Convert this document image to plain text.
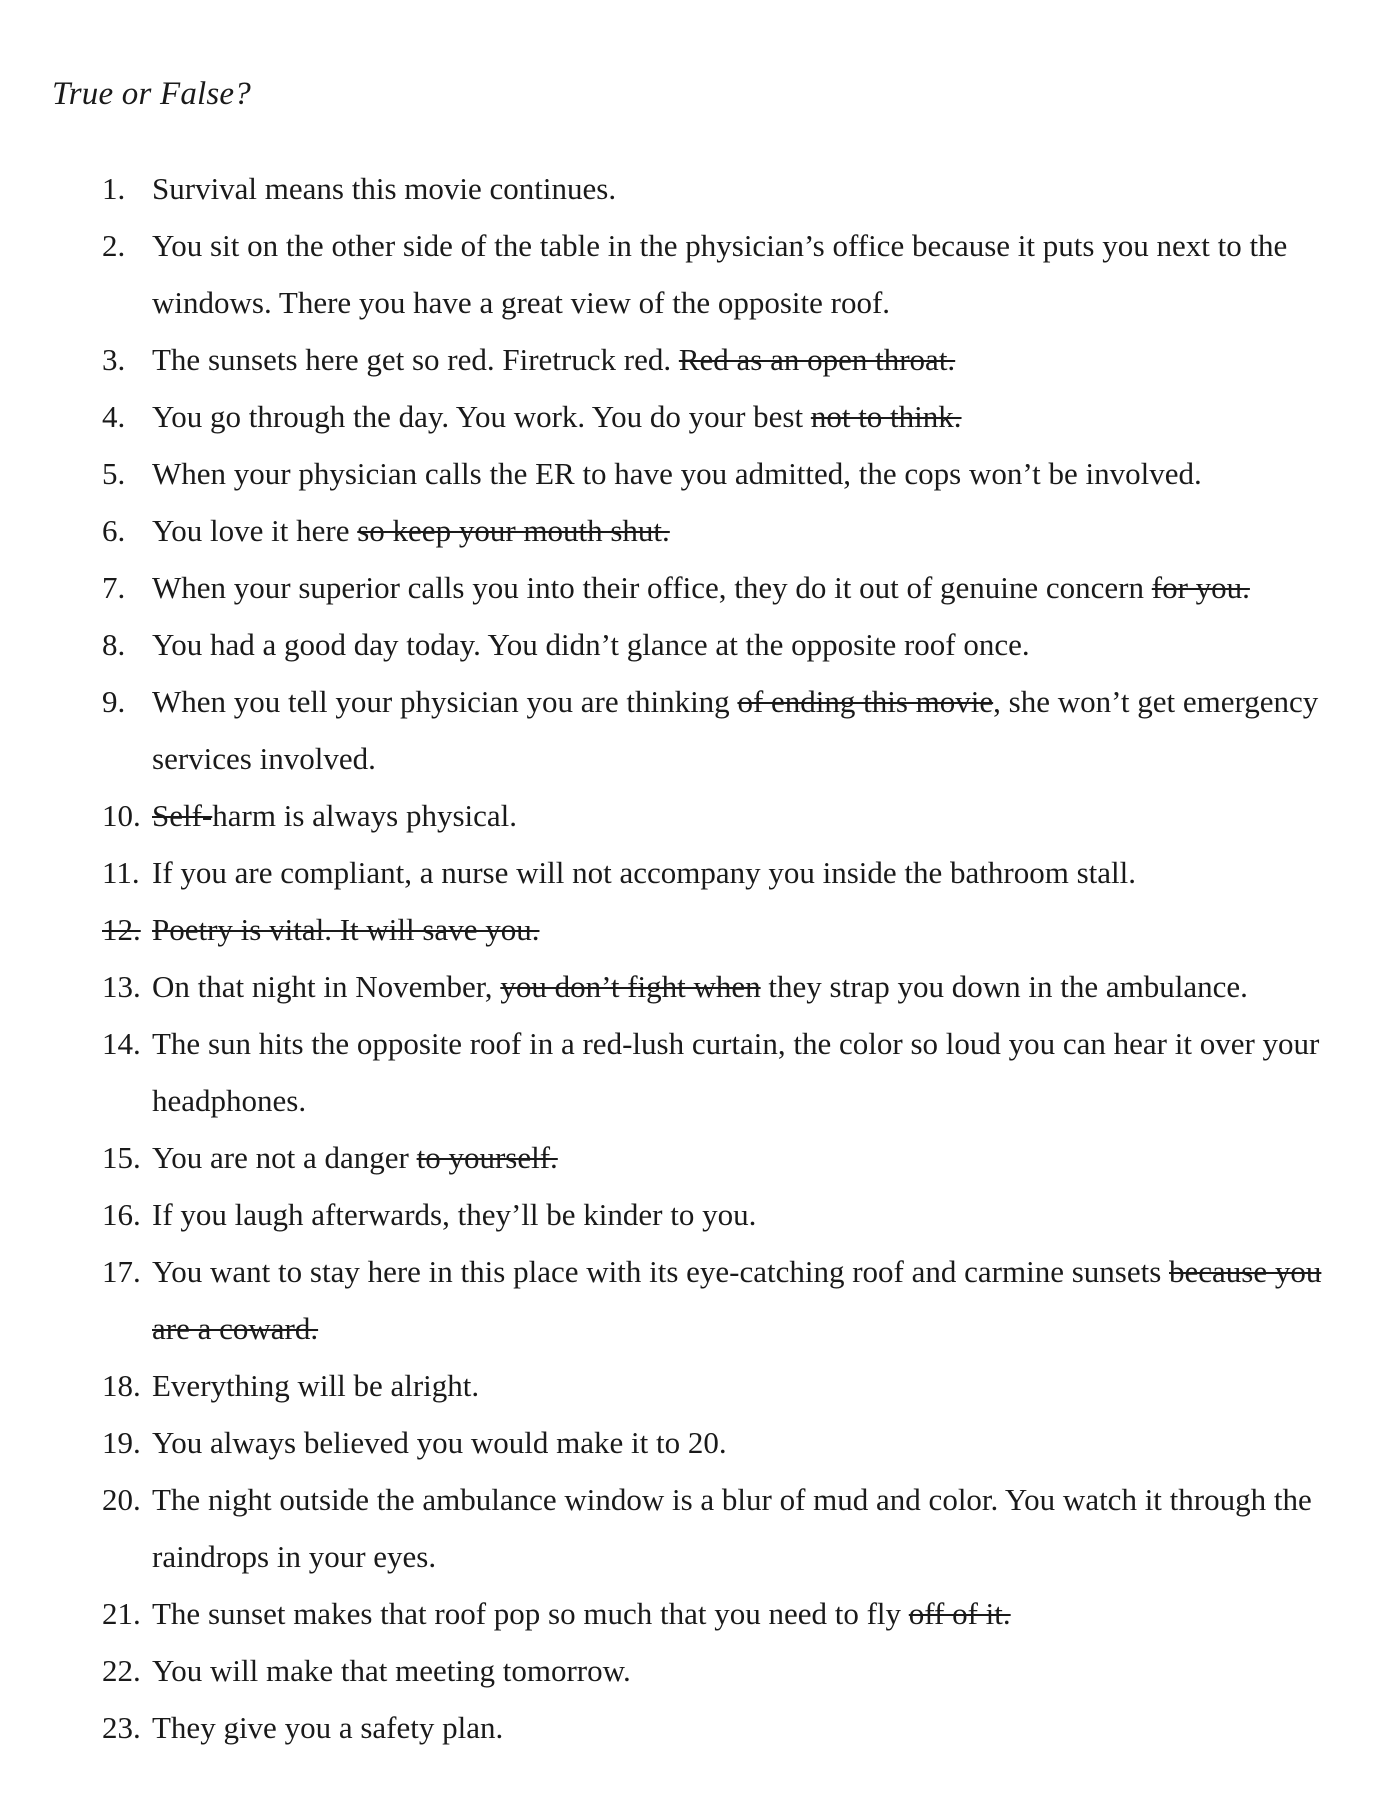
True or False?
1. Survival means this movie continues.
2. You sit on the other side of the table in the physician’s office because it puts you next to the windows. There you have a great view of the opposite roof.
3. The sunsets here get so red. Firetruck red. Red as an open throat.
4. You go through the day. You work. You do your best not to think.
5. When your physician calls the ER to have you admitted, the cops won’t be involved.
6. You love it here so keep your mouth shut.
7. When your superior calls you into their office, they do it out of genuine concern for you.
8. You had a good day today. You didn’t glance at the opposite roof once.
9. When you tell your physician you are thinking of ending this movie, she won’t get emergency services involved.
10. Self-harm is always physical.
11. If you are compliant, a nurse will not accompany you inside the bathroom stall.
12. Poetry is vital. It will save you.
13. On that night in November, you don’t fight when they strap you down in the ambulance.
14. The sun hits the opposite roof in a red-lush curtain, the color so loud you can hear it over your headphones.
15. You are not a danger to yourself.
16. If you laugh afterwards, they’ll be kinder to you.
17. You want to stay here in this place with its eye-catching roof and carmine sunsets because you are a coward.
18. Everything will be alright.
19. You always believed you would make it to 20.
20. The night outside the ambulance window is a blur of mud and color. You watch it through the raindrops in your eyes.
21. The sunset makes that roof pop so much that you need to fly off of it.
22. You will make that meeting tomorrow.
23. They give you a safety plan.
